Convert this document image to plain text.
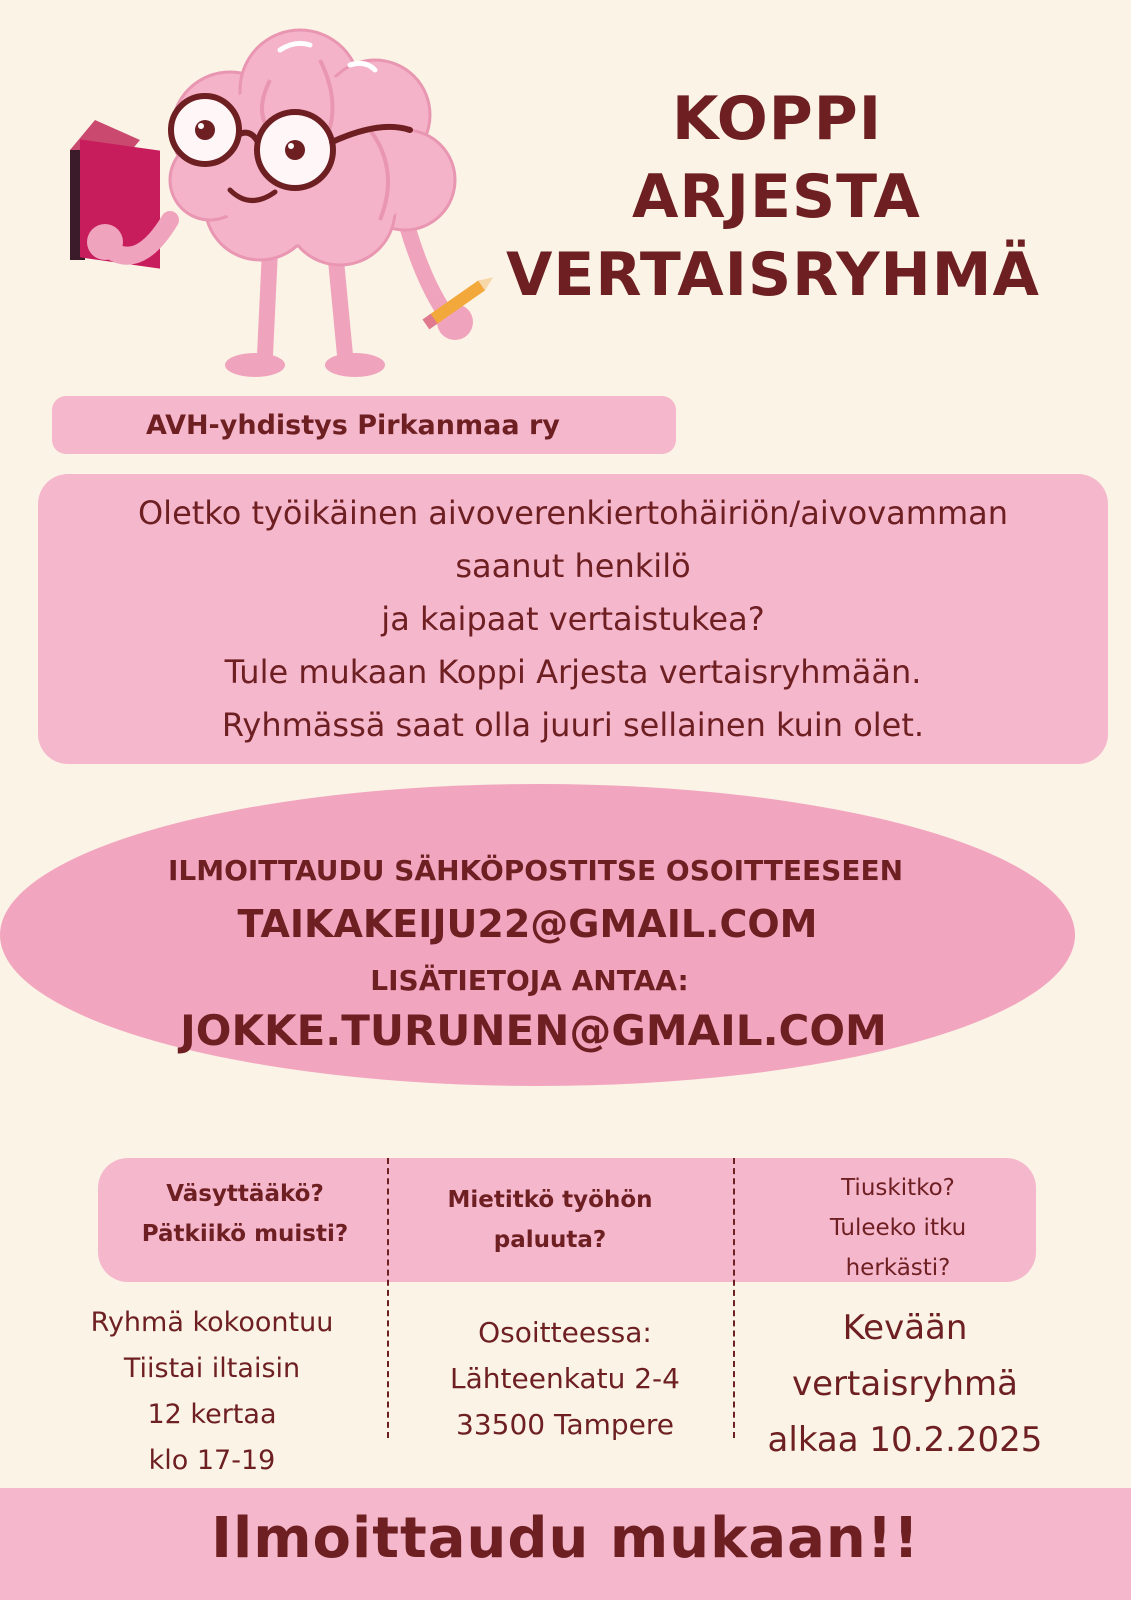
KOPPI
ARJESTA
VERTAISRYHMÄ
AVH-yhdistys Pirkanmaa ry
Oletko työikäinen aivoverenkiertohäiriön/aivovamman
saanut henkilö
ja kaipaat vertaistukea?
Tule mukaan Koppi Arjesta vertaisryhmään.
Ryhmässä saat olla juuri sellainen kuin olet.
ILMOITTAUDU SÄHKÖPOSTITSE OSOITTEESEEN
TAIKAKEIJU22@GMAIL.COM
LISÄTIETOJA ANTAA:
JOKKE.TURUNEN@GMAIL.COM
Väsyttääkö?
Pätkiikö muisti?
Mietitkö työhön
paluuta?
Tiuskitko?
Tuleeko itku
herkästi?
Ryhmä kokoontuu
Tiistai iltaisin
12 kertaa
klo 17-19
Osoitteessa:
Lähteenkatu 2-4
33500 Tampere
Kevään
vertaisryhmä
alkaa 10.2.2025
Ilmoittaudu mukaan!!
